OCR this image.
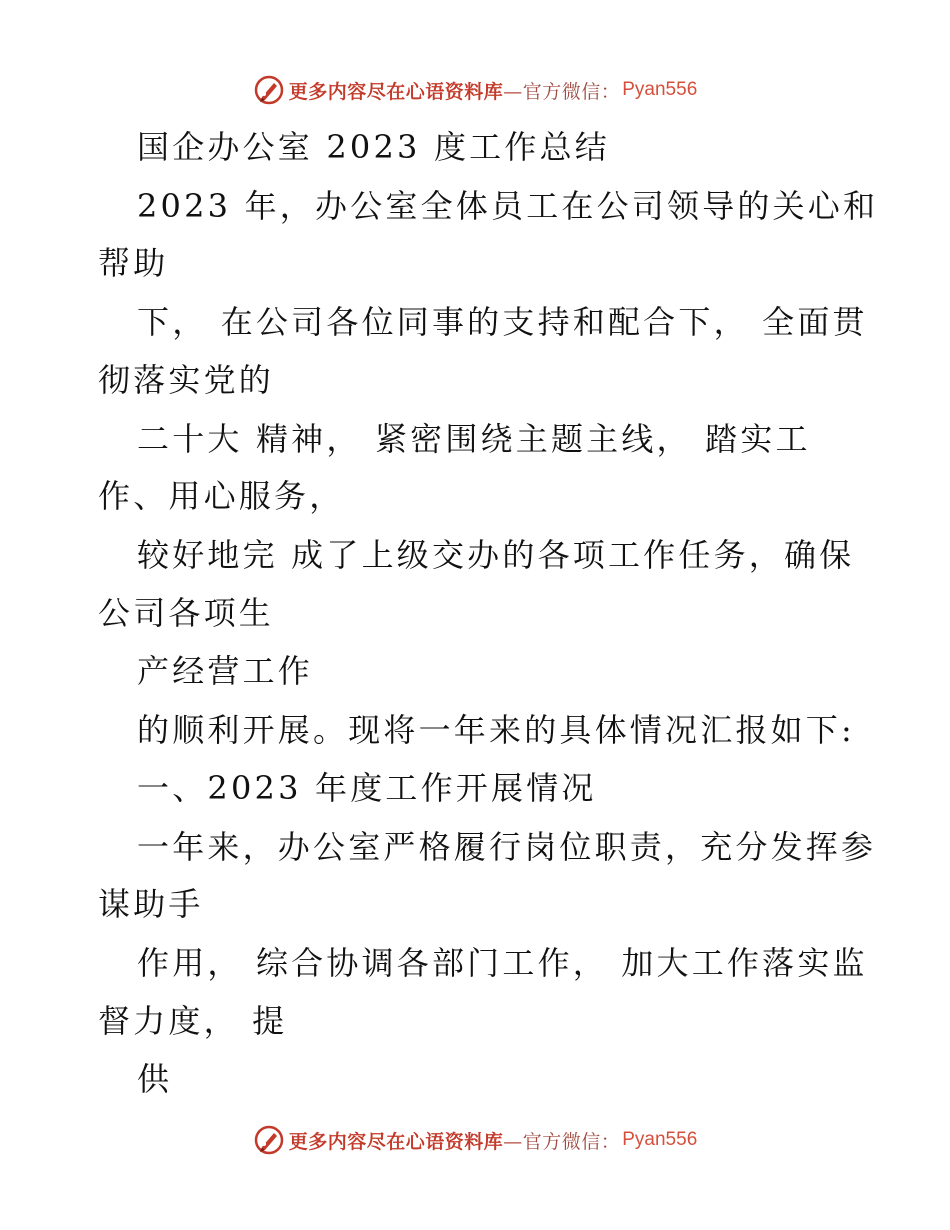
更多内容尽在心语资料库—官方微信： Pyan556
国企办公室 2023 度工作总结
2023 年，办公室全体员工在公司领导的关心和
帮助
下， 在公司各位同事的支持和配合下， 全面贯
彻落实党的
二十大 精神， 紧密围绕主题主线， 踏实工
作、用心服务，
较好地完 成了上级交办的各项工作任务，确保
公司各项生
产经营工作
的顺利开展。现将一年来的具体情况汇报如下:
一、2023 年度工作开展情况
一年来，办公室严格履行岗位职责，充分发挥参
谋助手
作用， 综合协调各部门工作， 加大工作落实监
督力度， 提
供
更多内容尽在心语资料库—官方微信： Pyan556
